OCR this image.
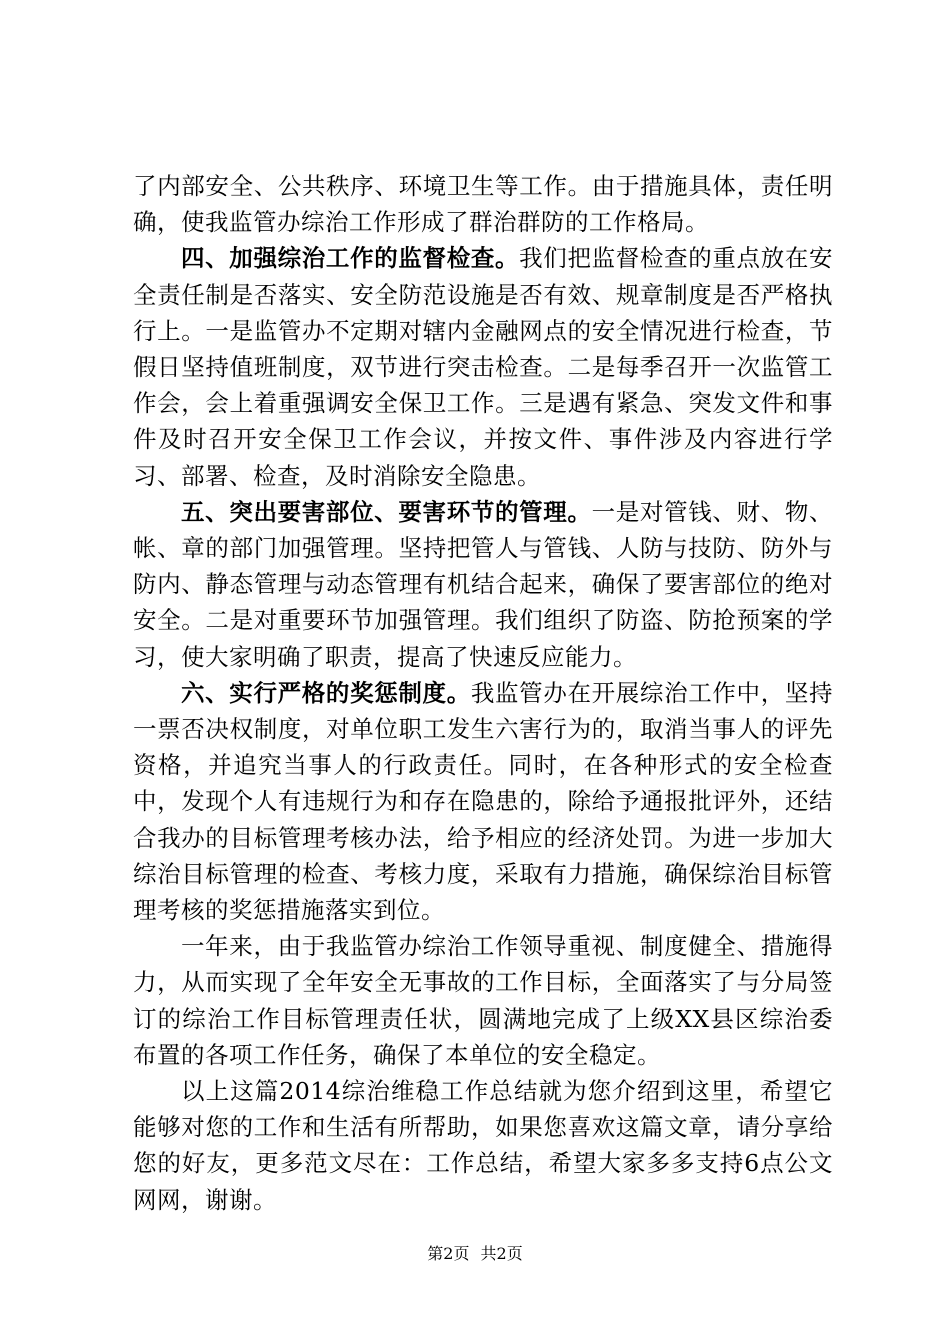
了内部安全、公共秩序、环境卫生等工作。由于措施具体，责任明确，使我监管办综治工作形成了群治群防的工作格局。

四、加强综治工作的监督检查。我们把监督检查的重点放在安全责任制是否落实、安全防范设施是否有效、规章制度是否严格执行上。一是监管办不定期对辖内金融网点的安全情况进行检查，节假日坚持值班制度，双节进行突击检查。二是每季召开一次监管工作会，会上着重强调安全保卫工作。三是遇有紧急、突发文件和事件及时召开安全保卫工作会议，并按文件、事件涉及内容进行学习、部署、检查，及时消除安全隐患。

五、突出要害部位、要害环节的管理。一是对管钱、财、物、帐、章的部门加强管理。坚持把管人与管钱、人防与技防、防外与防内、静态管理与动态管理有机结合起来，确保了要害部位的绝对安全。二是对重要环节加强管理。我们组织了防盗、防抢预案的学习，使大家明确了职责，提高了快速反应能力。

六、实行严格的奖惩制度。我监管办在开展综治工作中，坚持一票否决权制度，对单位职工发生六害行为的，取消当事人的评先资格，并追究当事人的行政责任。同时，在各种形式的安全检查中，发现个人有违规行为和存在隐患的，除给予通报批评外，还结合我办的目标管理考核办法，给予相应的经济处罚。为进一步加大综治目标管理的检查、考核力度，采取有力措施，确保综治目标管理考核的奖惩措施落实到位。

一年来，由于我监管办综治工作领导重视、制度健全、措施得力，从而实现了全年安全无事故的工作目标，全面落实了与分局签订的综治工作目标管理责任状，圆满地完成了上级XX县区综治委布置的各项工作任务，确保了本单位的安全稳定。

以上这篇2014综治维稳工作总结就为您介绍到这里，希望它能够对您的工作和生活有所帮助，如果您喜欢这篇文章，请分享给您的好友，更多范文尽在：工作总结，希望大家多多支持6点公文网网，谢谢。

第2页 共2页
